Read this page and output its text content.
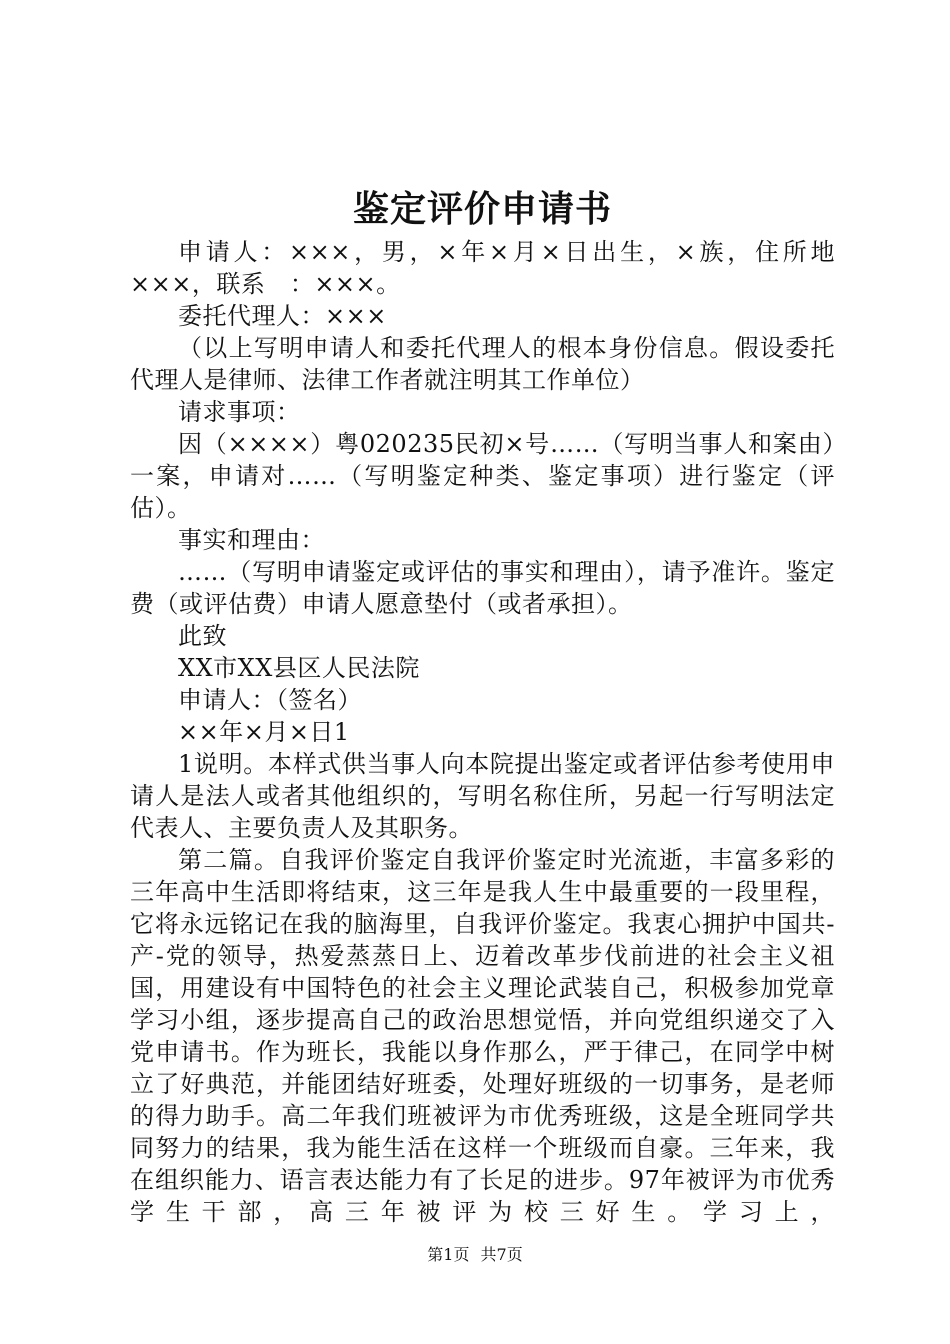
鉴定评价申请书

申请人：×××，男，×年×月×日出生，×族，住所地×××，联系　：×××。

委托代理人：×××

（以上写明申请人和委托代理人的根本身份信息。假设委托代理人是律师、法律工作者就注明其工作单位）

请求事项：

因（××××）粤020235民初×号……（写明当事人和案由）一案，申请对……（写明鉴定种类、鉴定事项）进行鉴定（评估）。

事实和理由：

……（写明申请鉴定或评估的事实和理由），请予准许。鉴定费（或评估费）申请人愿意垫付（或者承担）。

此致

XX市XX县区人民法院

申请人：（签名）

××年×月×日1

1说明。本样式供当事人向本院提出鉴定或者评估参考使用申请人是法人或者其他组织的，写明名称住所，另起一行写明法定代表人、主要负责人及其职务。

第二篇。自我评价鉴定自我评价鉴定时光流逝，丰富多彩的三年高中生活即将结束，这三年是我人生中最重要的一段里程，它将永远铭记在我的脑海里，自我评价鉴定。我衷心拥护中国共-产-党的领导，热爱蒸蒸日上、迈着改革步伐前进的社会主义祖国，用建设有中国特色的社会主义理论武装自己，积极参加党章学习小组，逐步提高自己的政治思想觉悟，并向党组织递交了入党申请书。作为班长，我能以身作那么，严于律己，在同学中树立了好典范，并能团结好班委，处理好班级的一切事务，是老师的得力助手。高二年我们班被评为市优秀班级，这是全班同学共同努力的结果，我为能生活在这样一个班级而自豪。三年来，我在组织能力、语言表达能力有了长足的进步。97年被评为市优秀学生干部，高三年被评为校三好生。学习上，

第1页 共7页
